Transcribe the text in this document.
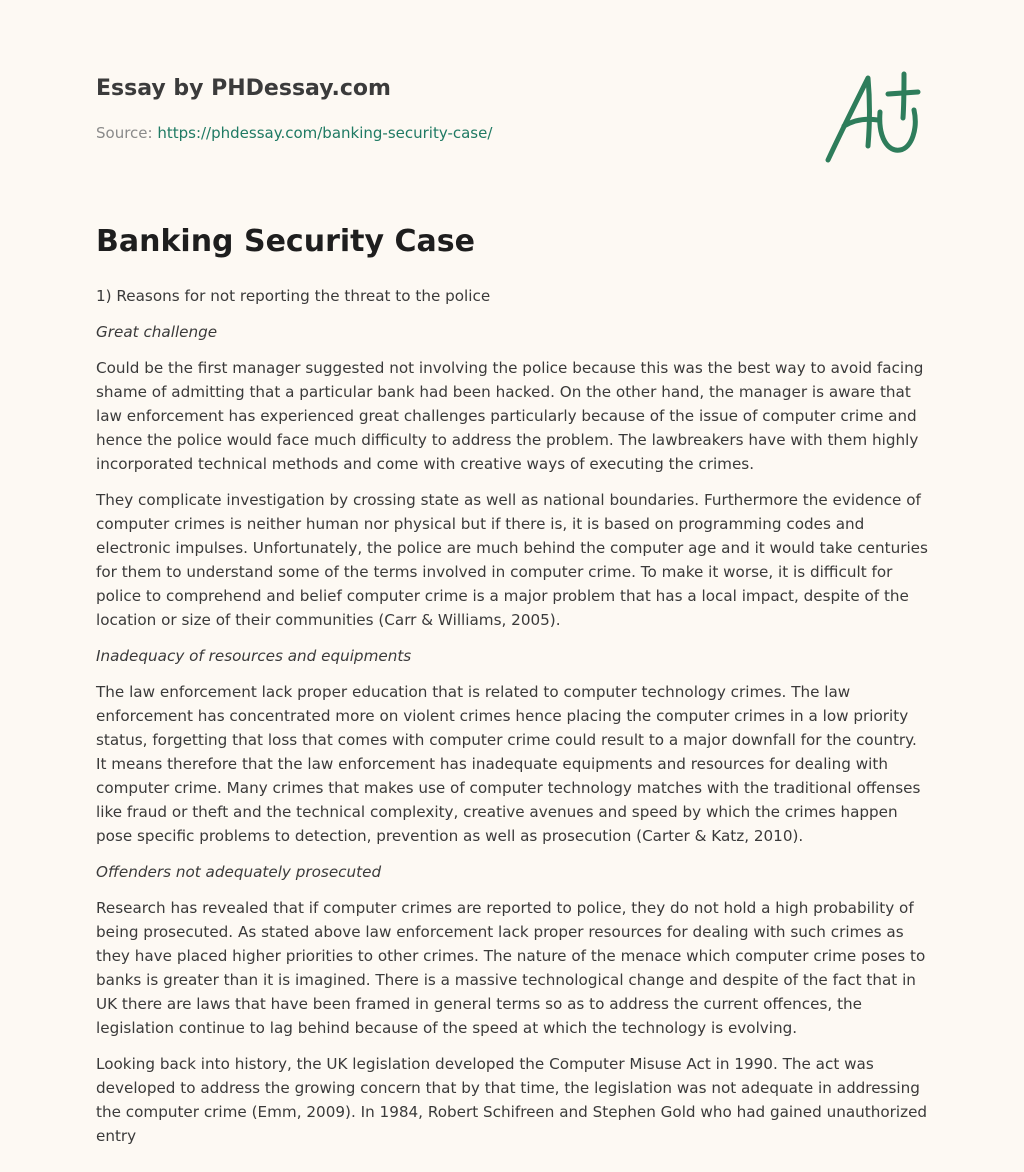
Essay by PHDessay.com
Source: https://phdessay.com/banking-security-case/
Banking Security Case

1) Reasons for not reporting the threat to the police

Great challenge

Could be the first manager suggested not involving the police because this was the best way to avoid facing shame of admitting that a particular bank had been hacked. On the other hand, the manager is aware that law enforcement has experienced great challenges particularly because of the issue of computer crime and hence the police would face much difficulty to address the problem. The lawbreakers have with them highly incorporated technical methods and come with creative ways of executing the crimes.

They complicate investigation by crossing state as well as national boundaries. Furthermore the evidence of computer crimes is neither human nor physical but if there is, it is based on programming codes and electronic impulses. Unfortunately, the police are much behind the computer age and it would take centuries for them to understand some of the terms involved in computer crime. To make it worse, it is difficult for police to comprehend and belief computer crime is a major problem that has a local impact, despite of the location or size of their communities (Carr & Williams, 2005).

Inadequacy of resources and equipments

The law enforcement lack proper education that is related to computer technology crimes. The law enforcement has concentrated more on violent crimes hence placing the computer crimes in a low priority status, forgetting that loss that comes with computer crime could result to a major downfall for the country. It means therefore that the law enforcement has inadequate equipments and resources for dealing with computer crime. Many crimes that makes use of computer technology matches with the traditional offenses like fraud or theft and the technical complexity, creative avenues and speed by which the crimes happen pose specific problems to detection, prevention as well as prosecution (Carter & Katz, 2010).

Offenders not adequately prosecuted

Research has revealed that if computer crimes are reported to police, they do not hold a high probability of being prosecuted. As stated above law enforcement lack proper resources for dealing with such crimes as they have placed higher priorities to other crimes. The nature of the menace which computer crime poses to banks is greater than it is imagined. There is a massive technological change and despite of the fact that in UK there are laws that have been framed in general terms so as to address the current offences, the legislation continue to lag behind because of the speed at which the technology is evolving.

Looking back into history, the UK legislation developed the Computer Misuse Act in 1990. The act was developed to address the growing concern that by that time, the legislation was not adequate in addressing the computer crime (Emm, 2009). In 1984, Robert Schifreen and Stephen Gold who had gained unauthorized entry
